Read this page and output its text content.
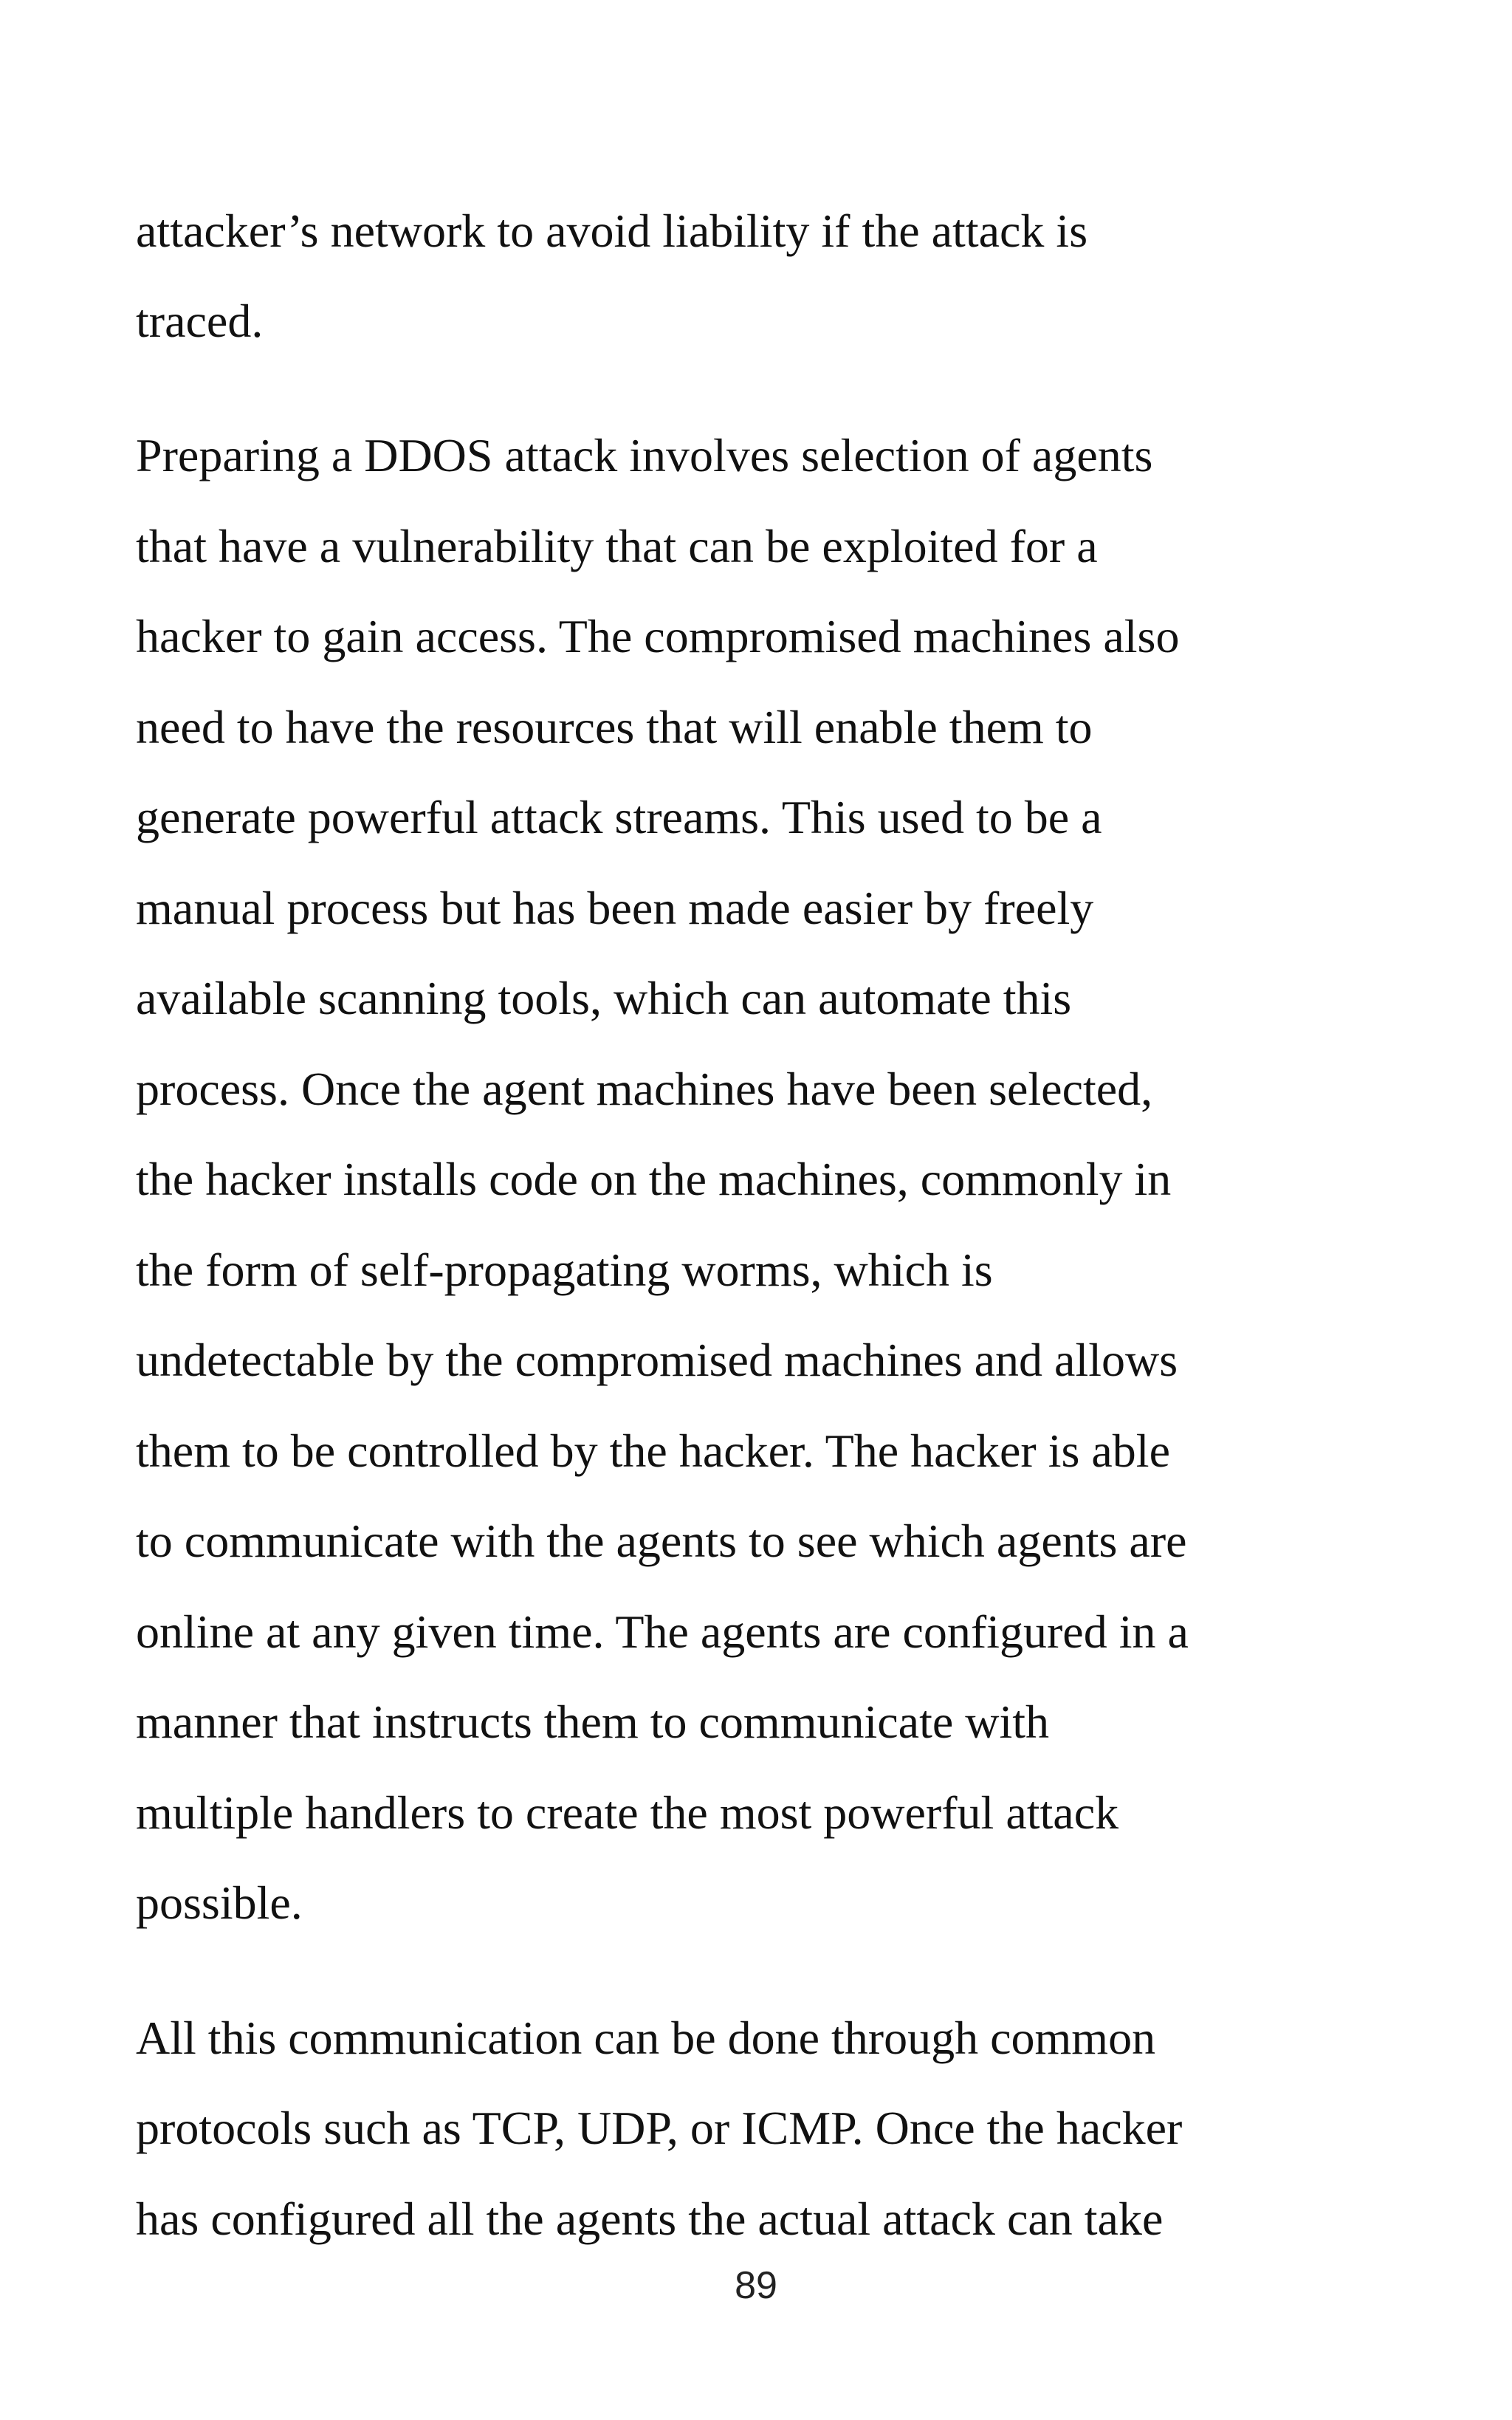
attacker’s network to avoid liability if the attack is
traced.
Preparing a DDOS attack involves selection of agents
that have a vulnerability that can be exploited for a
hacker to gain access. The compromised machines also
need to have the resources that will enable them to
generate powerful attack streams. This used to be a
manual process but has been made easier by freely
available scanning tools, which can automate this
process. Once the agent machines have been selected,
the hacker installs code on the machines, commonly in
the form of self-propagating worms, which is
undetectable by the compromised machines and allows
them to be controlled by the hacker. The hacker is able
to communicate with the agents to see which agents are
online at any given time. The agents are configured in a
manner that instructs them to communicate with
multiple handlers to create the most powerful attack
possible.
All this communication can be done through common
protocols such as TCP, UDP, or ICMP. Once the hacker
has configured all the agents the actual attack can take
89
